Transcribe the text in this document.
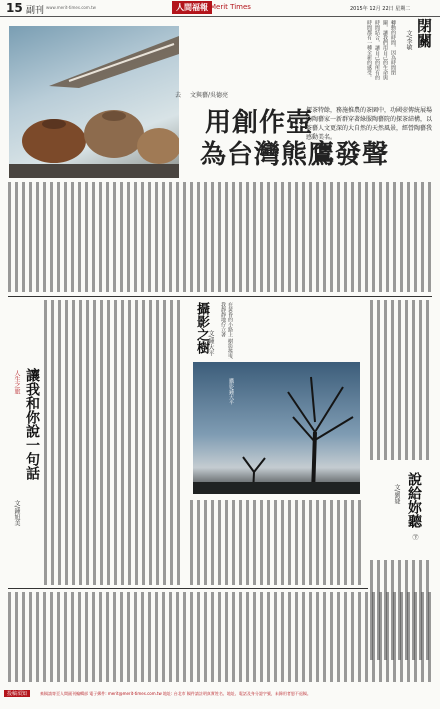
15 副刊 www.merit-times.com.tw	人間福報 Merit Times	2015年 12月 22日 星期二
去 文與藝/吳德亮
閉關
文/李敏
轉動的時間，因為時間閉關，讓我們用自己的生命與時間結合，讓自己的所有的時間都有一種全新的感受。
探茶特餘，務施推農的茶園中，功國壺傳統展場的陶藝家一新群穿著綠服陶藝院的探茶結構，以茶藝人文更深的大自然的天然風景，經營陶藝我感動美名。
用創作壺
為台灣熊鷹發聲
人生之旅 讓我和你說一句話
文/鍾旭美
攝影之樹
文/鍾大平	在黃昏的小路上 樹影搖曳 我靜靜地佇立著
攝影/鍾大平
說給妳聽
㊦
文/劉婕
投稿須知	來稿請寄至人間副刊編輯部 電子郵件: merit@merit-times.com.tw 地址: 台北市 稿件請註明真實姓名、地址、電話及身分證字號，未錄用者恕不退稿。
